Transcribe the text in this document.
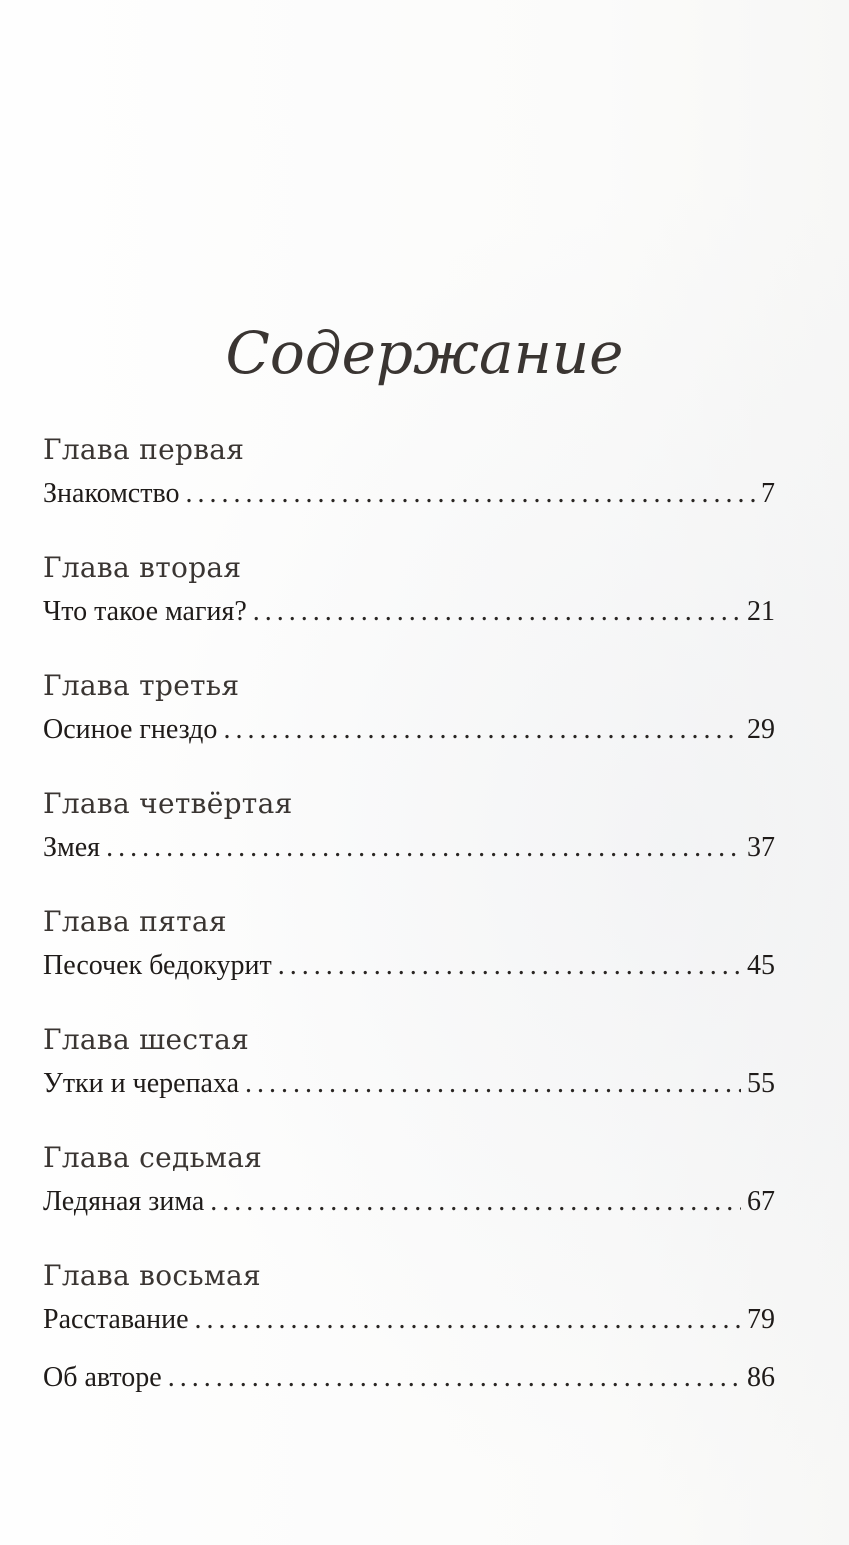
Содержание
Глава первая
Знакомство . . .	7
Глава вторая
Что такое магия? . . .	21
Глава третья
Осиное гнездо . . .	29
Глава четвёртая
Змея . . .	37
Глава пятая
Песочек бедокурит . . .	45
Глава шестая
Утки и черепаха . . .	55
Глава седьмая
Ледяная зима . . .	67
Глава восьмая
Расставание . . .	79
Об авторе . . .	86
